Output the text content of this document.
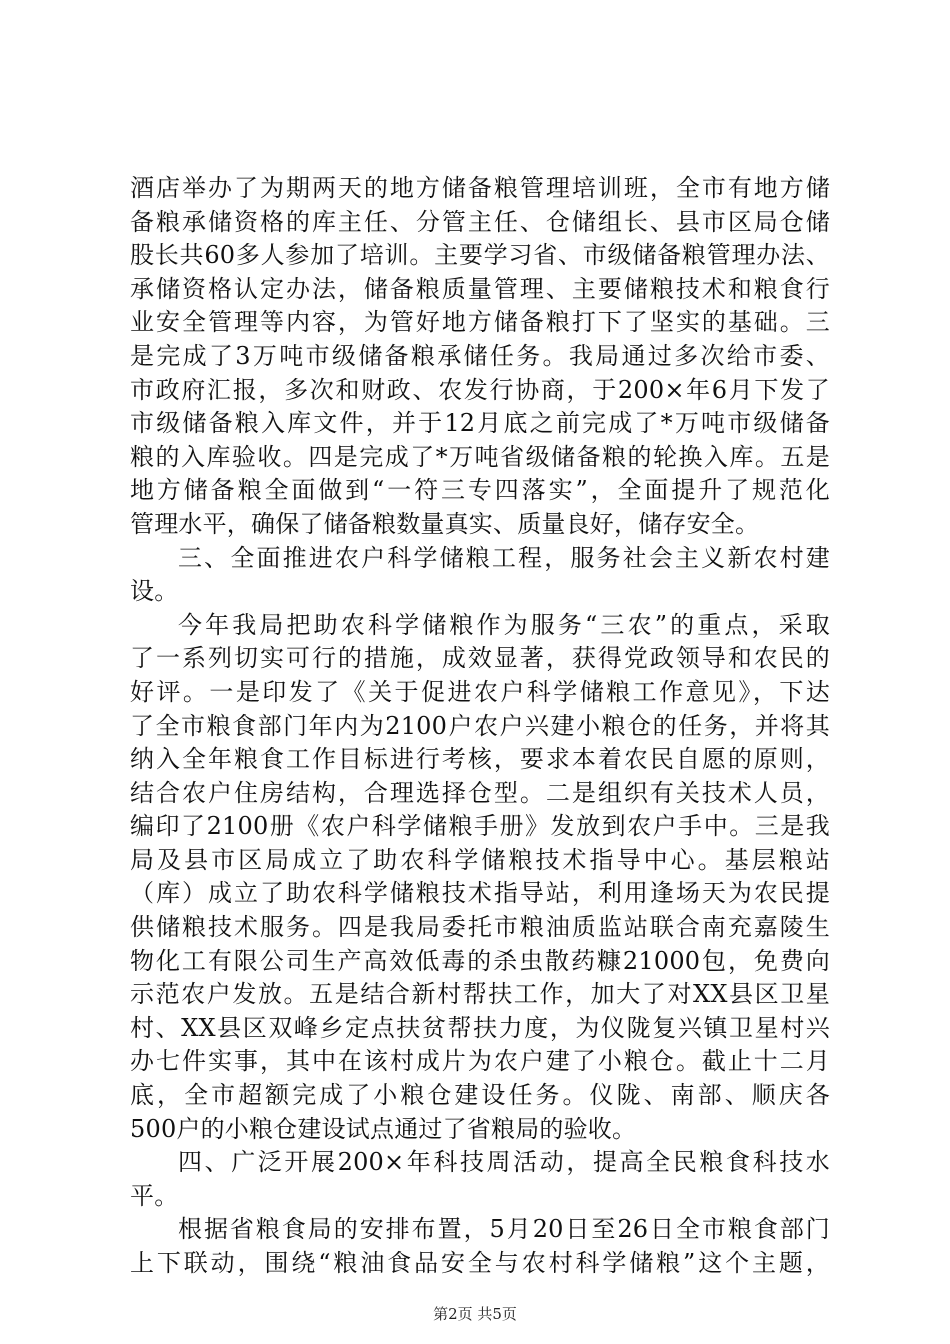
酒店举办了为期两天的地方储备粮管理培训班，全市有地方储
备粮承储资格的库主任、分管主任、仓储组长、县市区局仓储
股长共60多人参加了培训。主要学习省、市级储备粮管理办法、
承储资格认定办法，储备粮质量管理、主要储粮技术和粮食行
业安全管理等内容，为管好地方储备粮打下了坚实的基础。三
是完成了3万吨市级储备粮承储任务。我局通过多次给市委、
市政府汇报，多次和财政、农发行协商，于200×年6月下发了
市级储备粮入库文件，并于12月底之前完成了*万吨市级储备
粮的入库验收。四是完成了*万吨省级储备粮的轮换入库。五是
地方储备粮全面做到“一符三专四落实”，全面提升了规范化
管理水平，确保了储备粮数量真实、质量良好，储存安全。
三、全面推进农户科学储粮工程，服务社会主义新农村建
设。
今年我局把助农科学储粮作为服务“三农”的重点，采取
了一系列切实可行的措施，成效显著，获得党政领导和农民的
好评。一是印发了《关于促进农户科学储粮工作意见》，下达
了全市粮食部门年内为2100户农户兴建小粮仓的任务，并将其
纳入全年粮食工作目标进行考核，要求本着农民自愿的原则，
结合农户住房结构，合理选择仓型。二是组织有关技术人员，
编印了2100册《农户科学储粮手册》发放到农户手中。三是我
局及县市区局成立了助农科学储粮技术指导中心。基层粮站
（库）成立了助农科学储粮技术指导站，利用逢场天为农民提
供储粮技术服务。四是我局委托市粮油质监站联合南充嘉陵生
物化工有限公司生产高效低毒的杀虫散药糠21000包，免费向
示范农户发放。五是结合新村帮扶工作，加大了对XX县区卫星
村、XX县区双峰乡定点扶贫帮扶力度，为仪陇复兴镇卫星村兴
办七件实事，其中在该村成片为农户建了小粮仓。截止十二月
底，全市超额完成了小粮仓建设任务。仪陇、南部、顺庆各
500户的小粮仓建设试点通过了省粮局的验收。
四、广泛开展200×年科技周活动，提高全民粮食科技水
平。
根据省粮食局的安排布置，5月20日至26日全市粮食部门
上下联动，围绕“粮油食品安全与农村科学储粮”这个主题，
第2页 共5页
